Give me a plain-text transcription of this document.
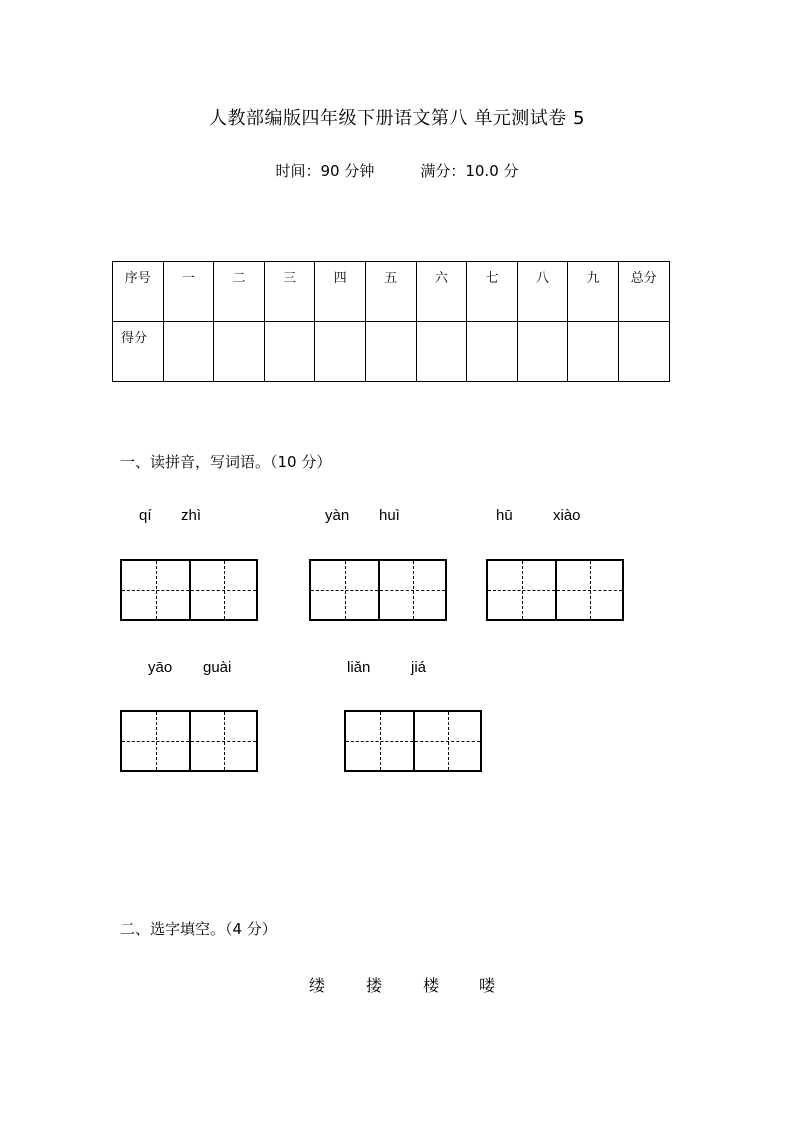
人教部编版四年级下册语文第八 单元测试卷 5
时间：90 分钟	满分：10.0 分
序号	一	二	三	四	五	六	七	八	九	总分
得分										
一、读拼音，写词语。（10 分）
qí zhì	yàn huì	hū	xiào
yāo guài	liǎn	jiá
二、选字填空。（4 分）
缕	搂	楼 喽
